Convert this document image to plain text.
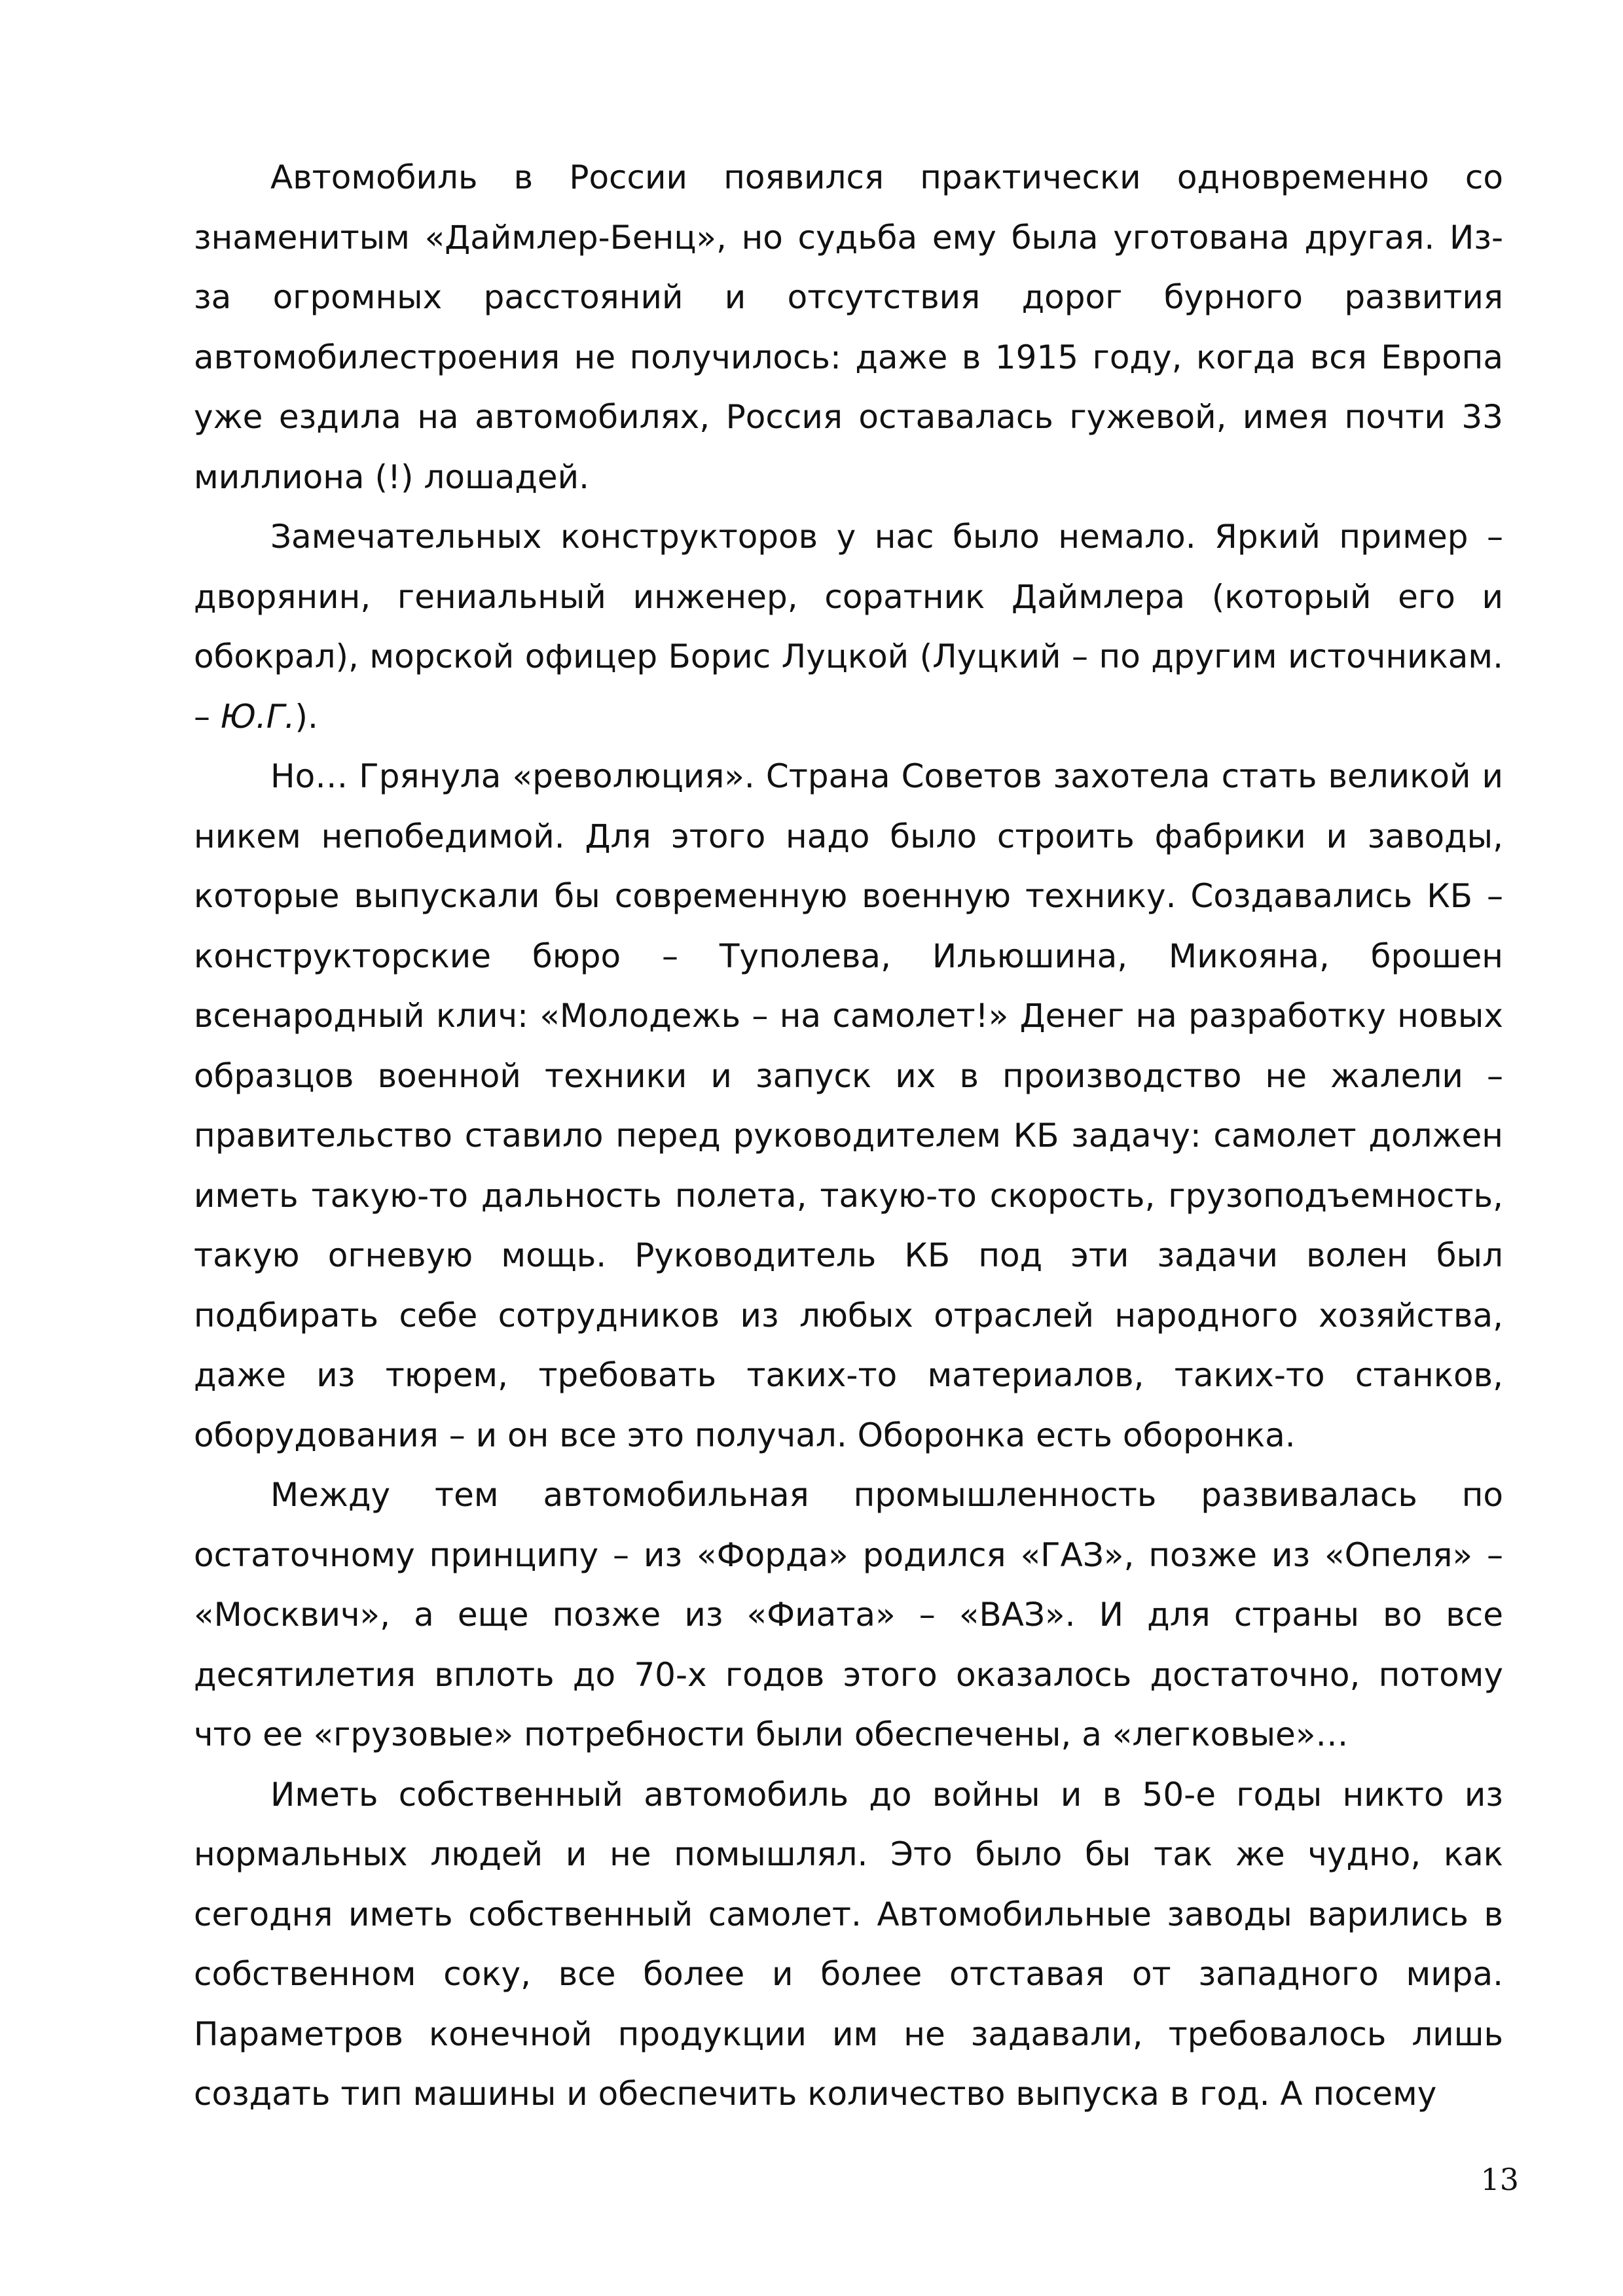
Автомобиль в России появился практически одновременно со знаменитым «Даймлер-Бенц», но судьба ему была уготована другая. Из-за огромных расстояний и отсутствия дорог бурного развития автомобилестроения не получилось: даже в 1915 году, когда вся Европа уже ездила на автомобилях, Россия оставалась гужевой, имея почти 33 миллиона (!) лошадей.

Замечательных конструкторов у нас было немало. Яркий пример – дворянин, гениальный инженер, соратник Даймлера (который его и обокрал), морской офицер Борис Луцкой (Луцкий – по другим источникам. – Ю.Г.).

Но… Грянула «революция». Страна Советов захотела стать великой и никем непобедимой. Для этого надо было строить фабрики и заводы, которые выпускали бы современную военную технику. Создавались КБ – конструкторские бюро – Туполева, Ильюшина, Микояна, брошен всенародный клич: «Молодежь – на самолет!» Денег на разработку новых образцов военной техники и запуск их в производство не жалели – правительство ставило перед руководителем КБ задачу: самолет должен иметь такую-то дальность полета, такую-то скорость, грузоподъемность, такую огневую мощь. Руководитель КБ под эти задачи волен был подбирать себе сотрудников из любых отраслей народного хозяйства, даже из тюрем, требовать таких-то материалов, таких-то станков, оборудования – и он все это получал. Оборонка есть оборонка.

Между тем автомобильная промышленность развивалась по остаточному принципу – из «Форда» родился «ГАЗ», позже из «Опеля» – «Москвич», а еще позже из «Фиата» – «ВАЗ». И для страны во все десятилетия вплоть до 70-х годов этого оказалось достаточно, потому что ее «грузовые» потребности были обеспечены, а «легковые»…

Иметь собственный автомобиль до войны и в 50-е годы никто из нормальных людей и не помышлял. Это было бы так же чудно, как сегодня иметь собственный самолет. Автомобильные заводы варились в собственном соку, все более и более отставая от западного мира. Параметров конечной продукции им не задавали, требовалось лишь создать тип машины и обеспечить количество выпуска в год. А посему

13
